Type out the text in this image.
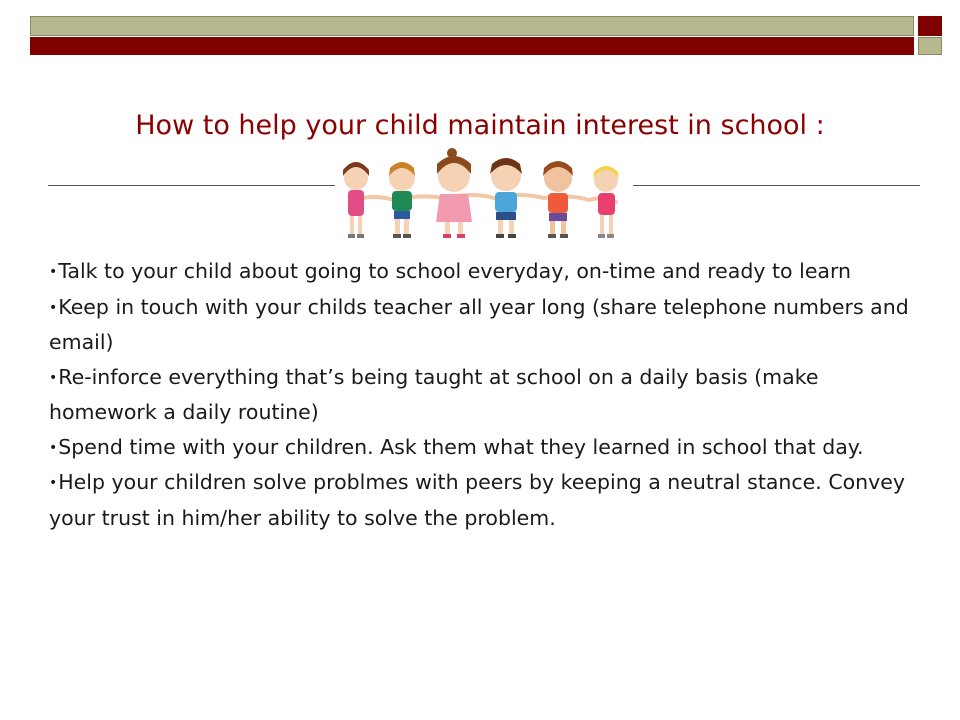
How to help your child maintain interest in school :
•Talk to your child about going to school everyday, on-time and ready to learn
•Keep in touch with your childs teacher all year long (share telephone numbers and email)
•Re-inforce everything that’s being taught at school on a daily basis (make homework a daily routine)
•Spend time with your children. Ask them what they learned in school that day.
•Help your children solve problmes with peers by keeping a neutral stance. Convey your trust in him/her ability to solve the problem.
